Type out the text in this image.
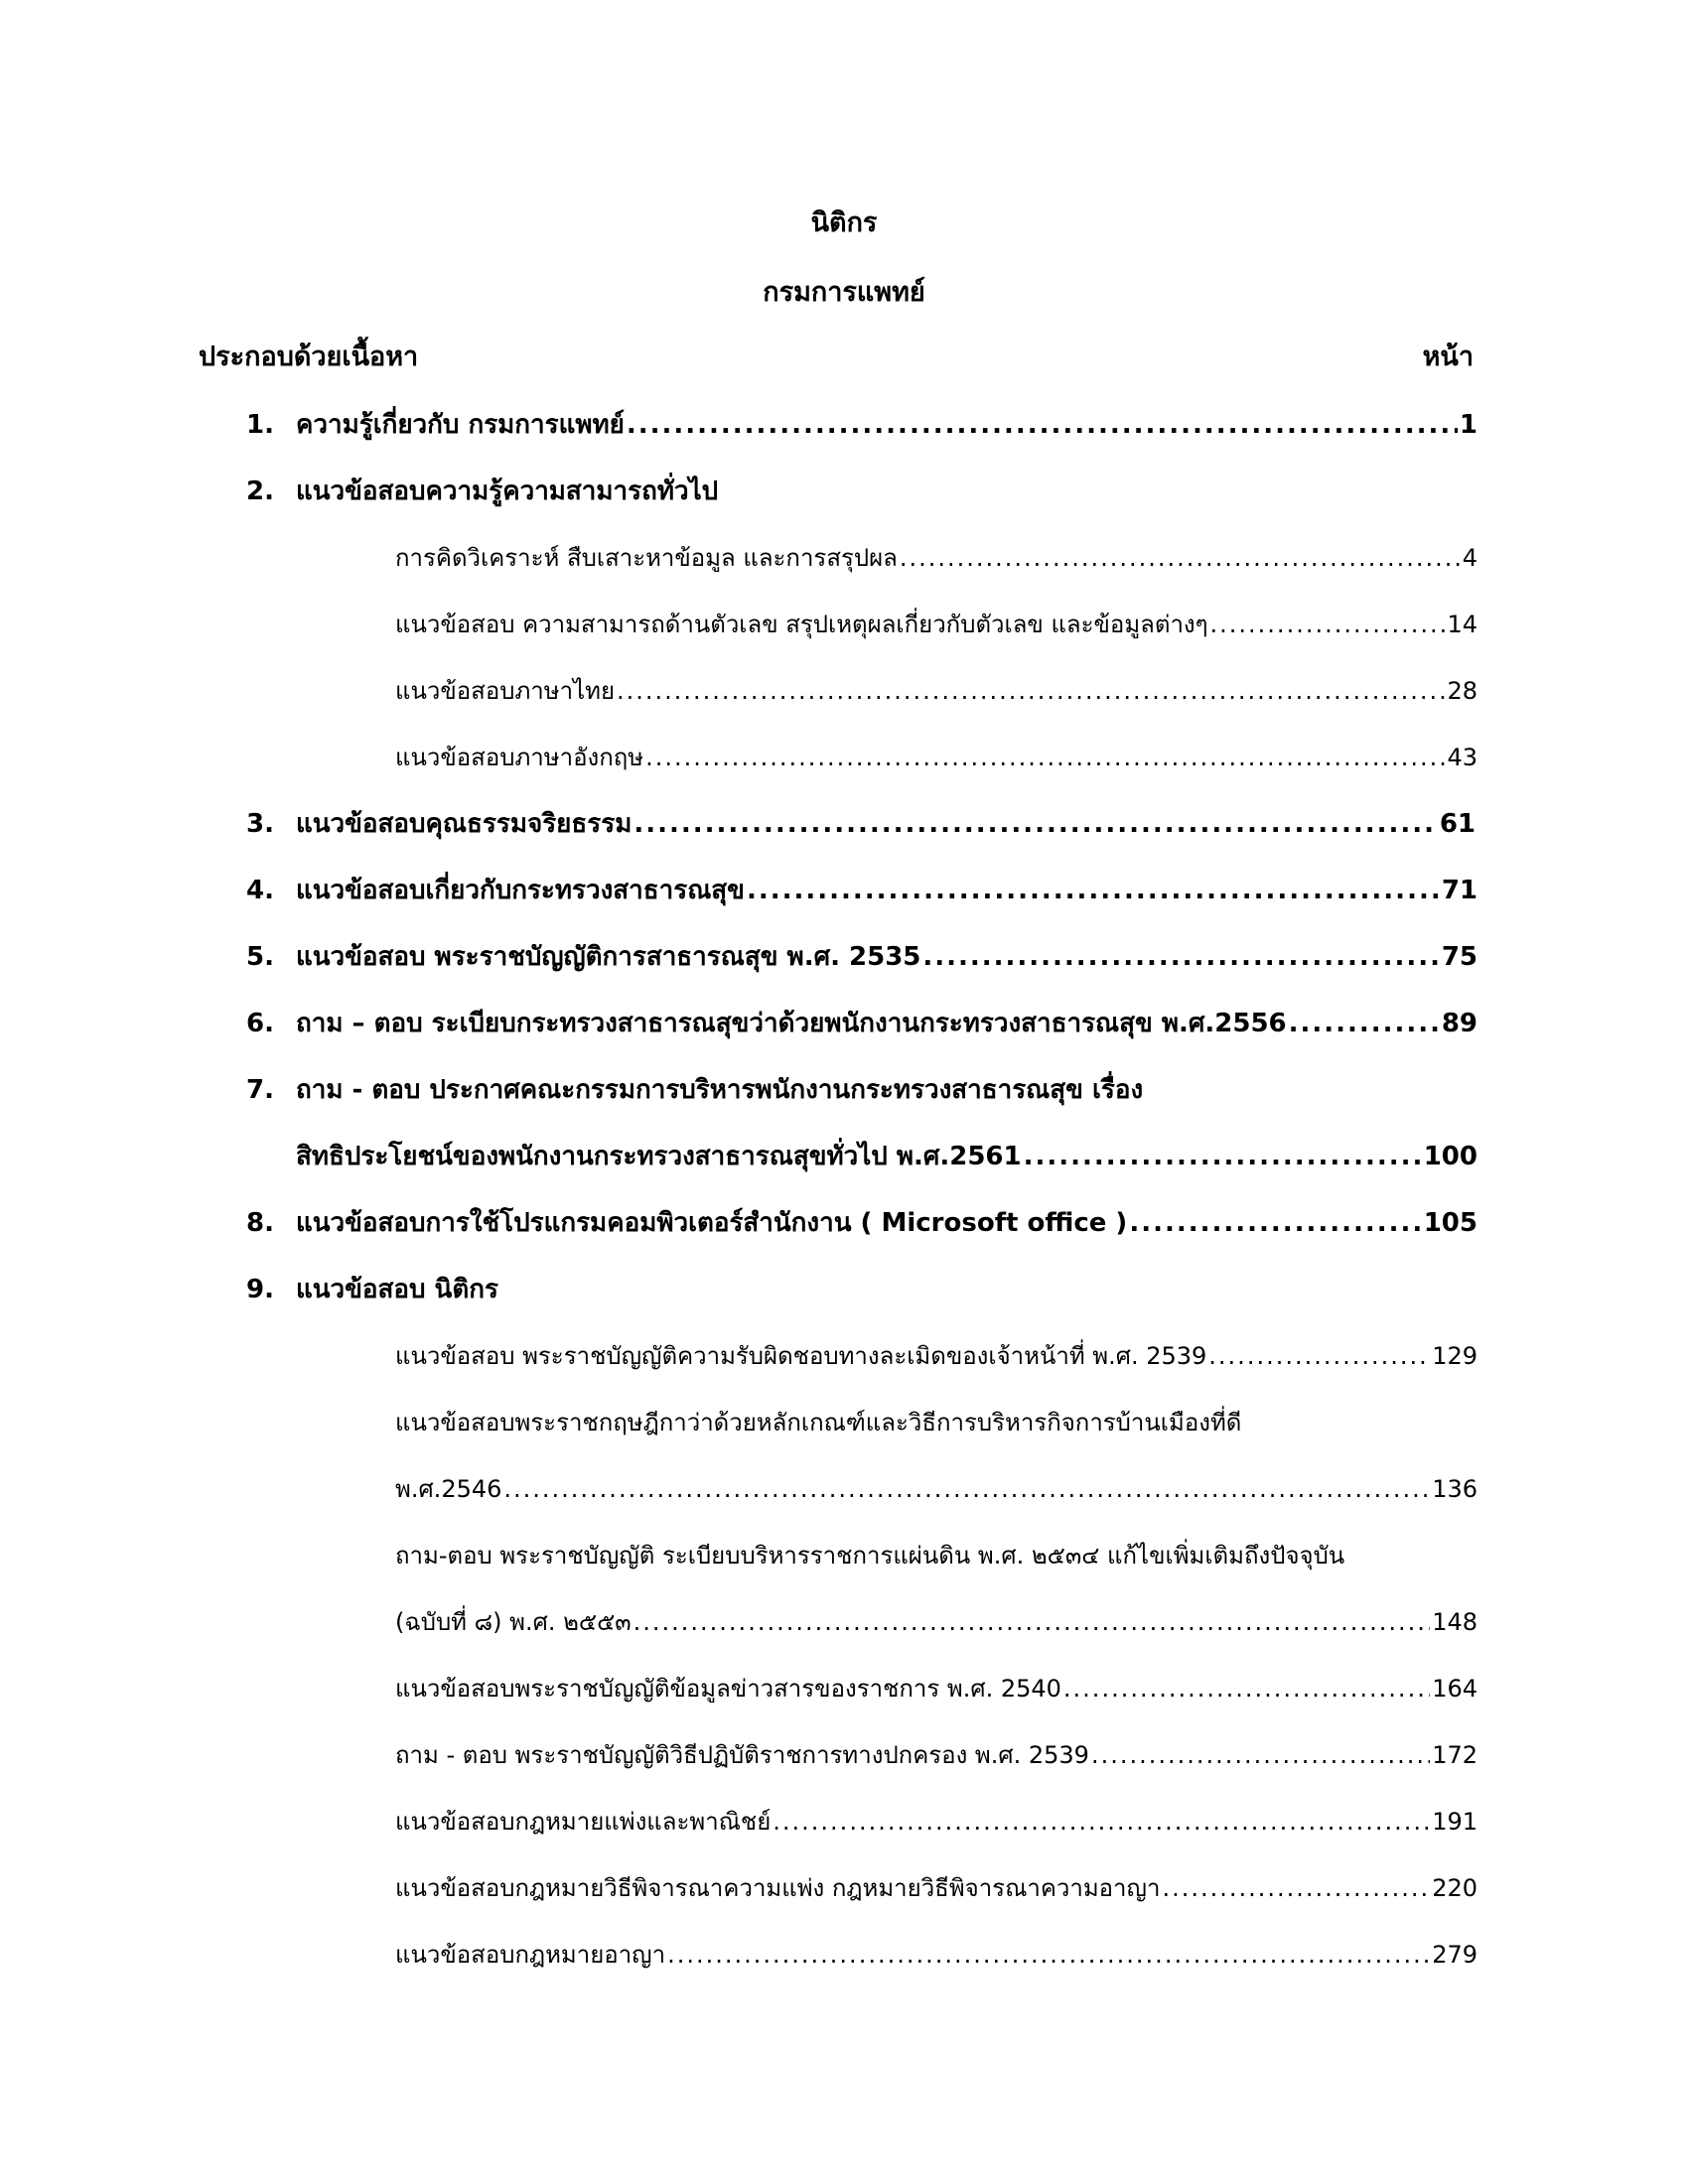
นิติกร
กรมการแพทย์
ประกอบด้วยเนื้อหา	หน้า
1. ความรู้เกี่ยวกับ กรมการแพทย์ .....	1
2. แนวข้อสอบความรู้ความสามารถทั่วไป
การคิดวิเคราะห์ สืบเสาะหาข้อมูล และการสรุปผล .....	4
แนวข้อสอบ ความสามารถด้านตัวเลข สรุปเหตุผลเกี่ยวกับตัวเลข และข้อมูลต่างๆ .....	14
แนวข้อสอบภาษาไทย .....	28
แนวข้อสอบภาษาอังกฤษ .....	43
3. แนวข้อสอบคุณธรรมจริยธรรม .....	61
4. แนวข้อสอบเกี่ยวกับกระทรวงสาธารณสุข .....	71
5. แนวข้อสอบ พระราชบัญญัติการสาธารณสุข พ.ศ. 2535 .....	75
6. ถาม – ตอบ ระเบียบกระทรวงสาธารณสุขว่าด้วยพนักงานกระทรวงสาธารณสุข พ.ศ.2556 .....	89
7. ถาม - ตอบ ประกาศคณะกรรมการบริหารพนักงานกระทรวงสาธารณสุข เรื่อง
สิทธิประโยชน์ของพนักงานกระทรวงสาธารณสุขทั่วไป พ.ศ.2561 .....	100
8. แนวข้อสอบการใช้โปรแกรมคอมพิวเตอร์สำนักงาน ( Microsoft office ) .....	105
9. แนวข้อสอบ นิติกร
แนวข้อสอบ พระราชบัญญัติความรับผิดชอบทางละเมิดของเจ้าหน้าที่ พ.ศ. 2539 .....	129
แนวข้อสอบพระราชกฤษฎีกาว่าด้วยหลักเกณฑ์และวิธีการบริหารกิจการบ้านเมืองที่ดี
พ.ศ.2546 .....	136
ถาม-ตอบ พระราชบัญญัติ ระเบียบบริหารราชการแผ่นดิน พ.ศ. ๒๕๓๔ แก้ไขเพิ่มเติมถึงปัจจุบัน
(ฉบับที่ ๘) พ.ศ. ๒๕๕๓ .....	148
แนวข้อสอบพระราชบัญญัติข้อมูลข่าวสารของราชการ พ.ศ. 2540 .....	164
ถาม - ตอบ พระราชบัญญัติวิธีปฏิบัติราชการทางปกครอง พ.ศ. 2539 .....	172
แนวข้อสอบกฎหมายแพ่งและพาณิชย์ .....	191
แนวข้อสอบกฎหมายวิธีพิจารณาความแพ่ง กฎหมายวิธีพิจารณาความอาญา .....	220
แนวข้อสอบกฎหมายอาญา .....	279
